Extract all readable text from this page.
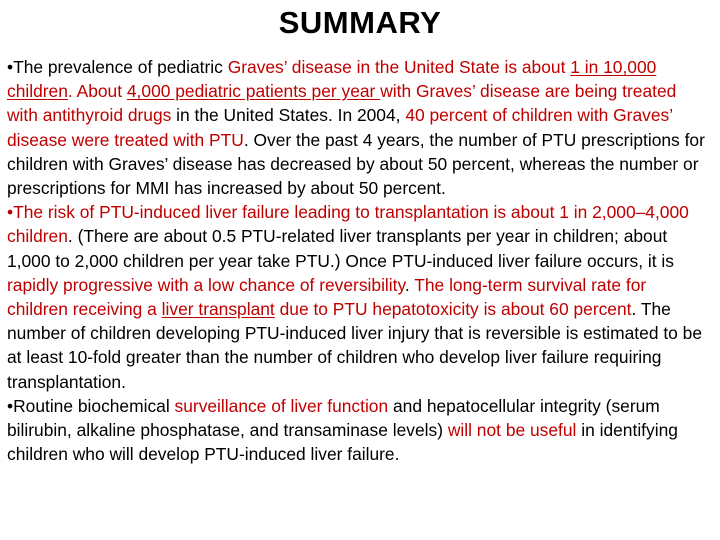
SUMMARY
•The prevalence of pediatric Graves’ disease in the United State is about 1 in 10,000 children. About 4,000 pediatric patients per year with Graves’ disease are being treated with antithyroid drugs in the United States. In 2004, 40 percent of children with Graves’ disease were treated with PTU. Over the past 4 years, the number of PTU prescriptions for children with Graves’ disease has decreased by about 50 percent, whereas the number or prescriptions for MMI has increased by about 50 percent.
•The risk of PTU-induced liver failure leading to transplantation is about 1 in 2,000–4,000 children. (There are about 0.5 PTU-related liver transplants per year in children; about 1,000 to 2,000 children per year take PTU.) Once PTU-induced liver failure occurs, it is rapidly progressive with a low chance of reversibility. The long-term survival rate for children receiving a liver transplant due to PTU hepatotoxicity is about 60 percent. The number of children developing PTU-induced liver injury that is reversible is estimated to be at least 10-fold greater than the number of children who develop liver failure requiring transplantation.
•Routine biochemical surveillance of liver function and hepatocellular integrity (serum bilirubin, alkaline phosphatase, and transaminase levels) will not be useful in identifying children who will develop PTU-induced liver failure.
